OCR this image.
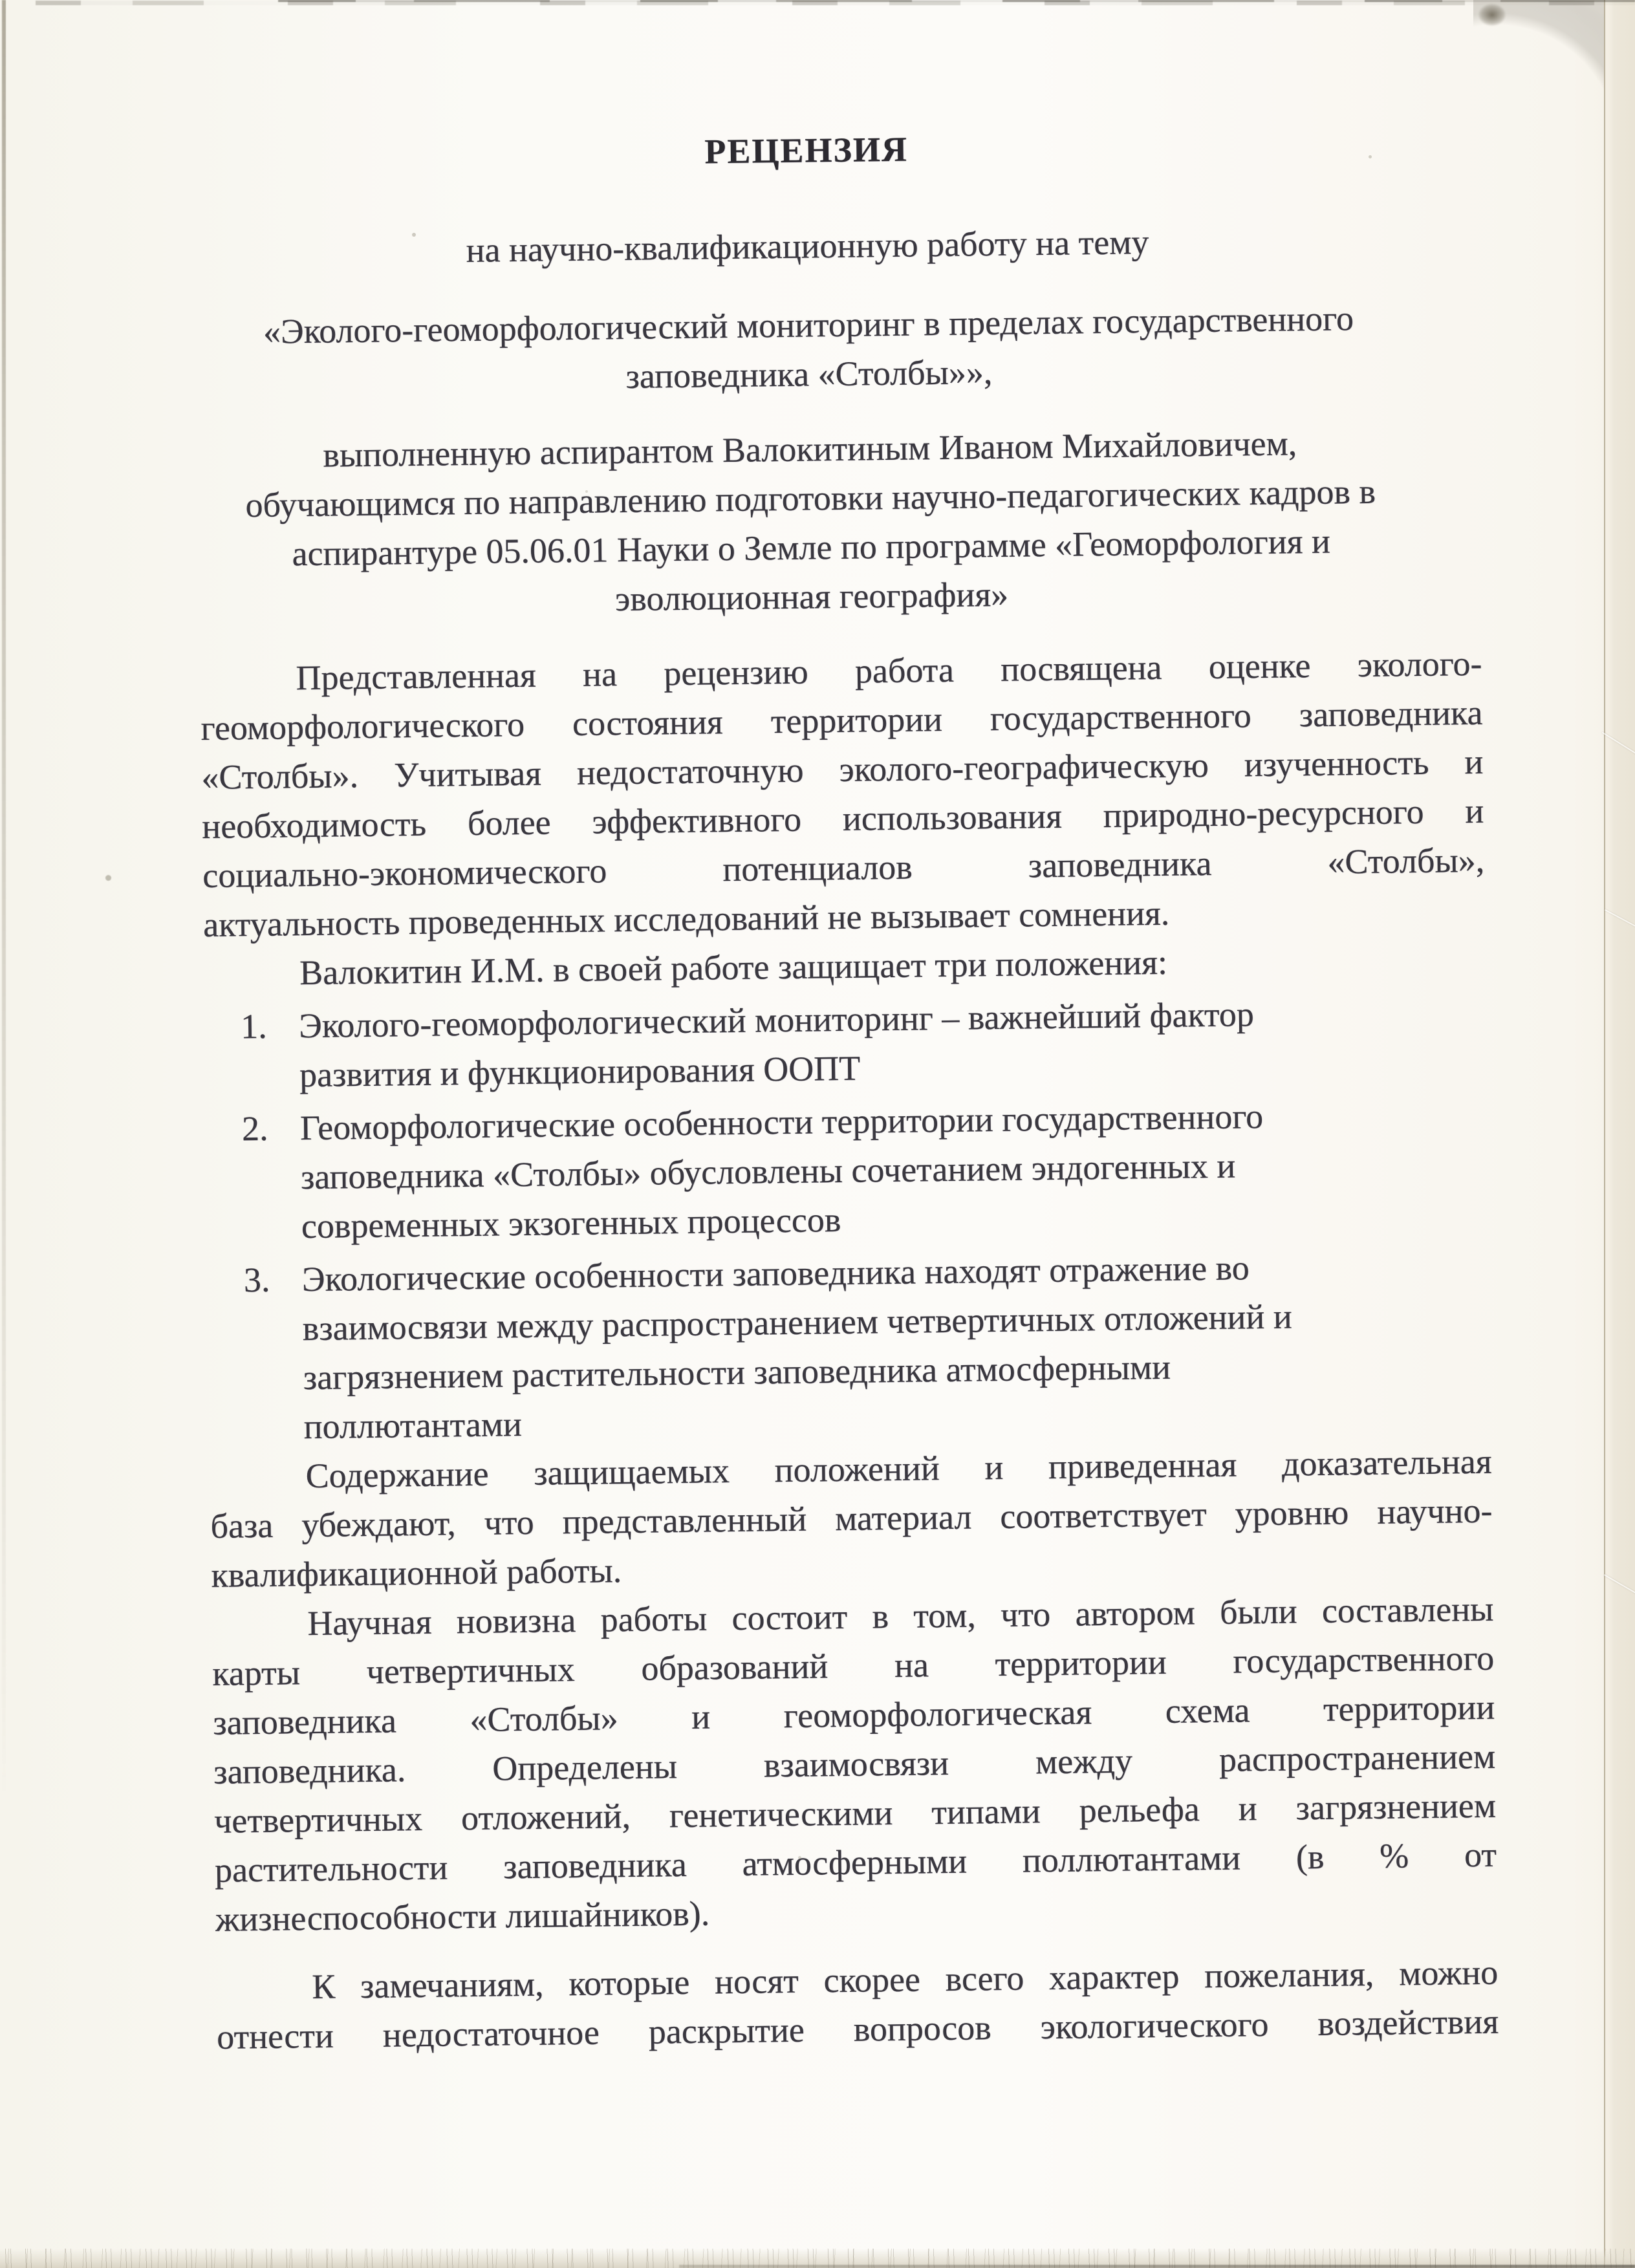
РЕЦЕНЗИЯ
на научно-квалификационную работу на тему
«Эколого-геоморфологический мониторинг в пределах государственного
заповедника «Столбы»»,
выполненную аспирантом Валокитиным Иваном Михайловичем,
обучающимся по направлению подготовки научно-педагогических кадров в
аспирантуре 05.06.01 Науки о Земле по программе «Геоморфология и
эволюционная география»
Представленная на рецензию работа посвящена оценке эколого-
геоморфологического состояния территории государственного заповедника
«Столбы». Учитывая недостаточную эколого-географическую изученность и
необходимость более эффективного использования природно-ресурсного и
социально-экономического потенциалов заповедника «Столбы»,
актуальность проведенных исследований не вызывает сомнения.
Валокитин И.М. в своей работе защищает три положения:
1. Эколого-геоморфологический мониторинг – важнейший фактор
развития и функционирования ООПТ
2. Геоморфологические особенности территории государственного
заповедника «Столбы» обусловлены сочетанием эндогенных и
современных экзогенных процессов
3. Экологические особенности заповедника находят отражение во
взаимосвязи между распространением четвертичных отложений и
загрязнением растительности заповедника атмосферными
поллютантами
Содержание защищаемых положений и приведенная доказательная
база убеждают, что представленный материал соответствует уровню научно-
квалификационной работы.
Научная новизна работы состоит в том, что автором были составлены
карты четвертичных образований на территории государственного
заповедника «Столбы» и геоморфологическая схема территории
заповедника. Определены взаимосвязи между распространением
четвертичных отложений, генетическими типами рельефа и загрязнением
растительности заповедника атмосферными поллютантами (в % от
жизнеспособности лишайников).
К замечаниям, которые носят скорее всего характер пожелания, можно
отнести недостаточное раскрытие вопросов экологического воздействия
